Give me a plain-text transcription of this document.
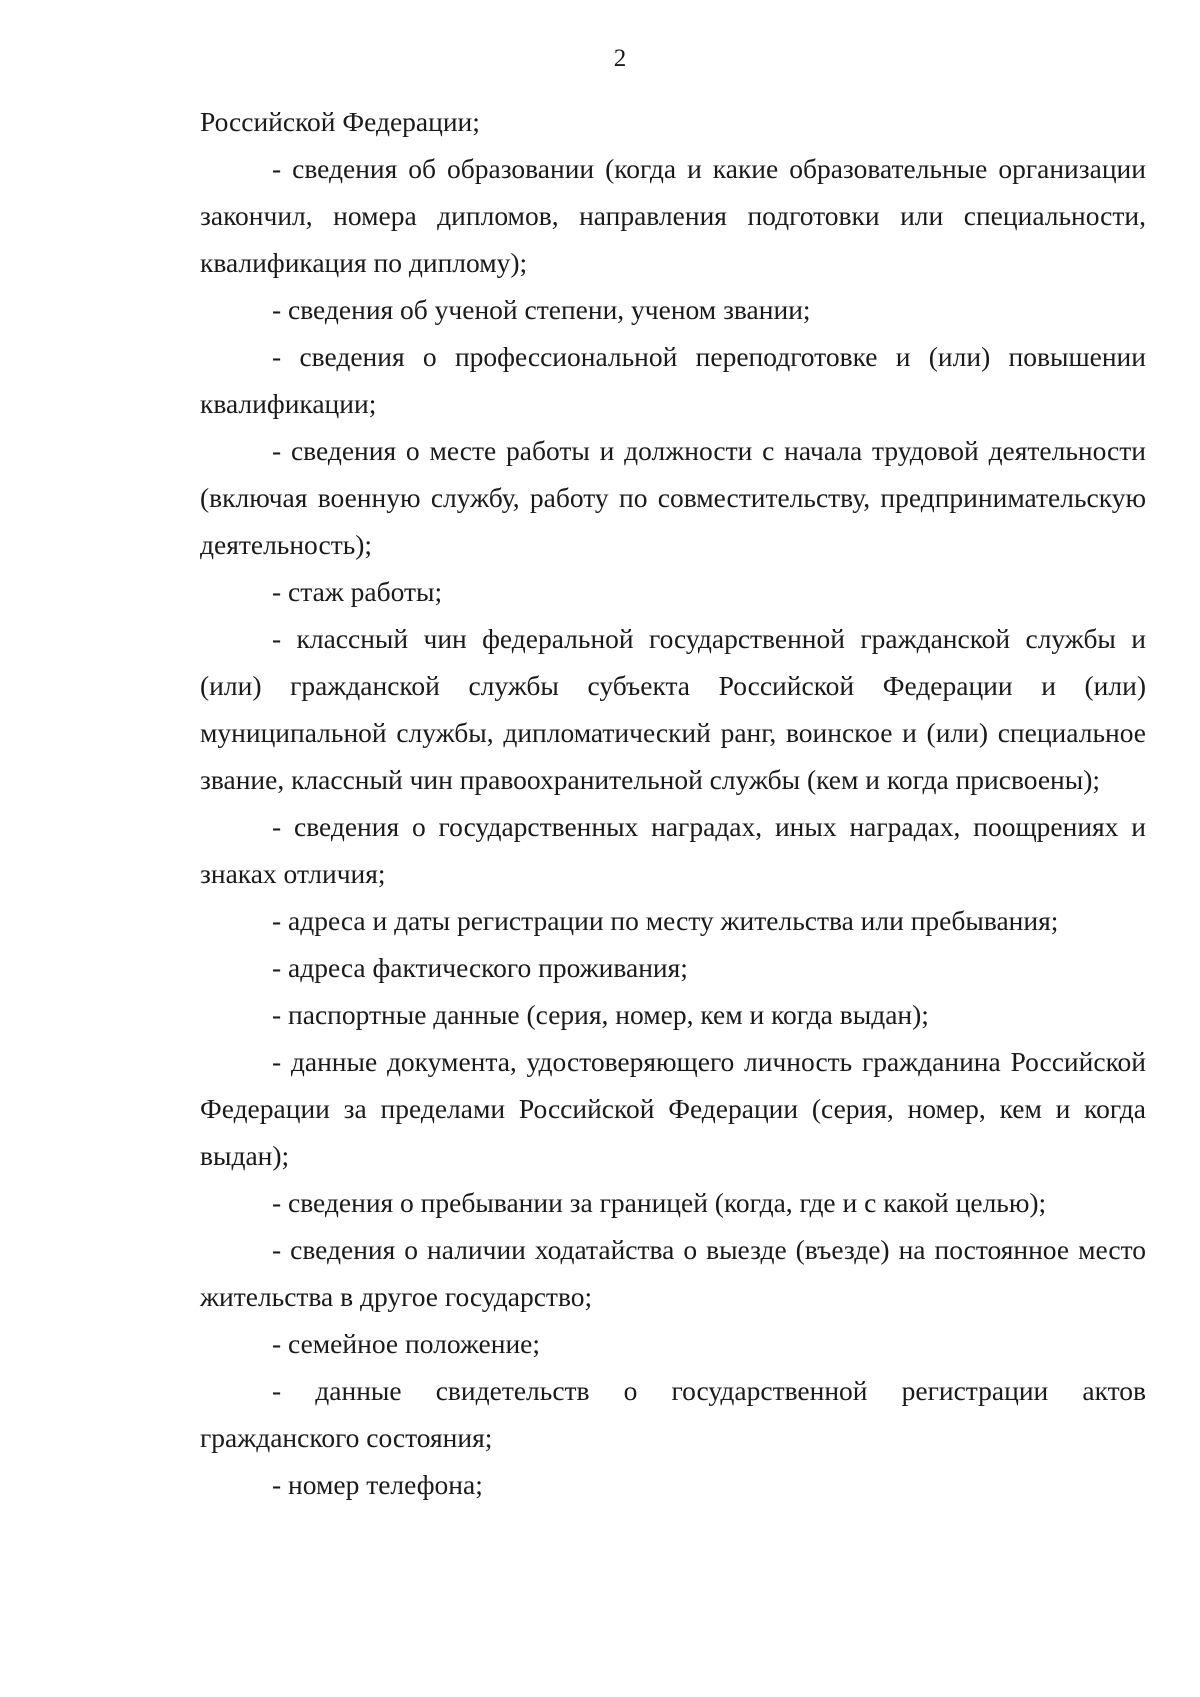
2

Российской Федерации;

- сведения об образовании (когда и какие образовательные организации закончил, номера дипломов, направления подготовки или специальности, квалификация по диплому);

- сведения об ученой степени, ученом звании;

- сведения о профессиональной переподготовке и (или) повышении квалификации;

- сведения о месте работы и должности с начала трудовой деятельности (включая военную службу, работу по совместительству, предпринимательскую деятельность);

- стаж работы;

- классный чин федеральной государственной гражданской службы и (или) гражданской службы субъекта Российской Федерации и (или) муниципальной службы, дипломатический ранг, воинское и (или) специальное звание, классный чин правоохранительной службы (кем и когда присвоены);

- сведения о государственных наградах, иных наградах, поощрениях и знаках отличия;

- адреса и даты регистрации по месту жительства или пребывания;

- адреса фактического проживания;

- паспортные данные (серия, номер, кем и когда выдан);

- данные документа, удостоверяющего личность гражданина Российской Федерации за пределами Российской Федерации (серия, номер, кем и когда выдан);

- сведения о пребывании за границей (когда, где и с какой целью);

- сведения о наличии ходатайства о выезде (въезде) на постоянное место жительства в другое государство;

- семейное положение;

- данные свидетельств о государственной регистрации актов гражданского состояния;

- номер телефона;
